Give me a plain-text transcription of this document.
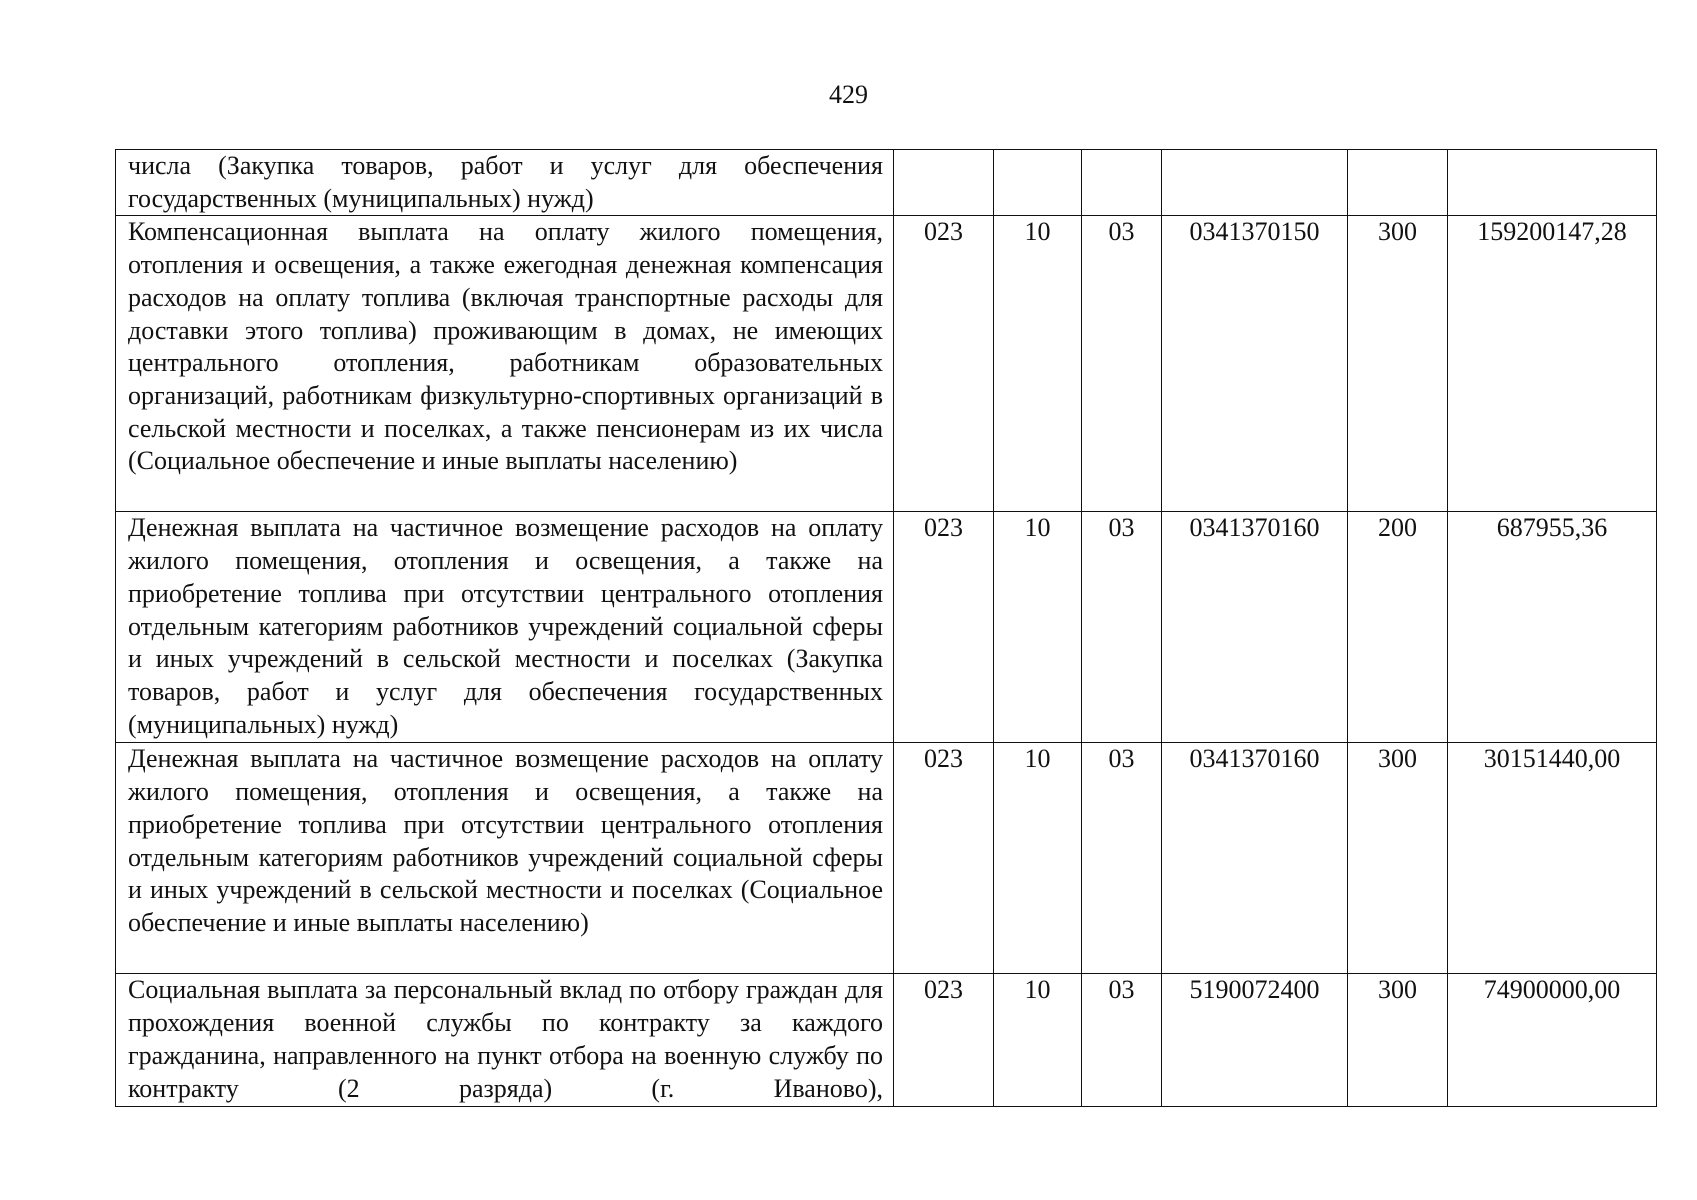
429
числа (Закупка товаров, работ и услуг для обеспечения государственных (муниципальных) нужд)						
Компенсационная выплата на оплату жилого помещения, отопления и освещения, а также ежегодная денежная компенсация расходов на оплату топлива (включая транспортные расходы для доставки этого топлива) проживающим в домах, не имеющих центрального отопления, работникам образовательных организаций, работникам физкультурно-спортивных организаций в сельской местности и поселках, а также пенсионерам из их числа (Социальное обеспечение и иные выплаты населению)	023	10	03	0341370150	300	159200147,28
Денежная выплата на частичное возмещение расходов на оплату жилого помещения, отопления и освещения, а также на приобретение топлива при отсутствии центрального отопления отдельным категориям работников учреждений социальной сферы и иных учреждений в сельской местности и поселках (Закупка товаров, работ и услуг для обеспечения государственных (муниципальных) нужд)	023	10	03	0341370160	200	687955,36
Денежная выплата на частичное возмещение расходов на оплату жилого помещения, отопления и освещения, а также на приобретение топлива при отсутствии центрального отопления отдельным категориям работников учреждений социальной сферы и иных учреждений в сельской местности и поселках (Социальное обеспечение и иные выплаты населению)	023	10	03	0341370160	300	30151440,00
Социальная выплата за персональный вклад по отбору граждан для прохождения военной службы по контракту за каждого гражданина, направленного на пункт отбора на военную службу по контракту (2 разряда) (г. Иваново),	023	10	03	5190072400	300	74900000,00
